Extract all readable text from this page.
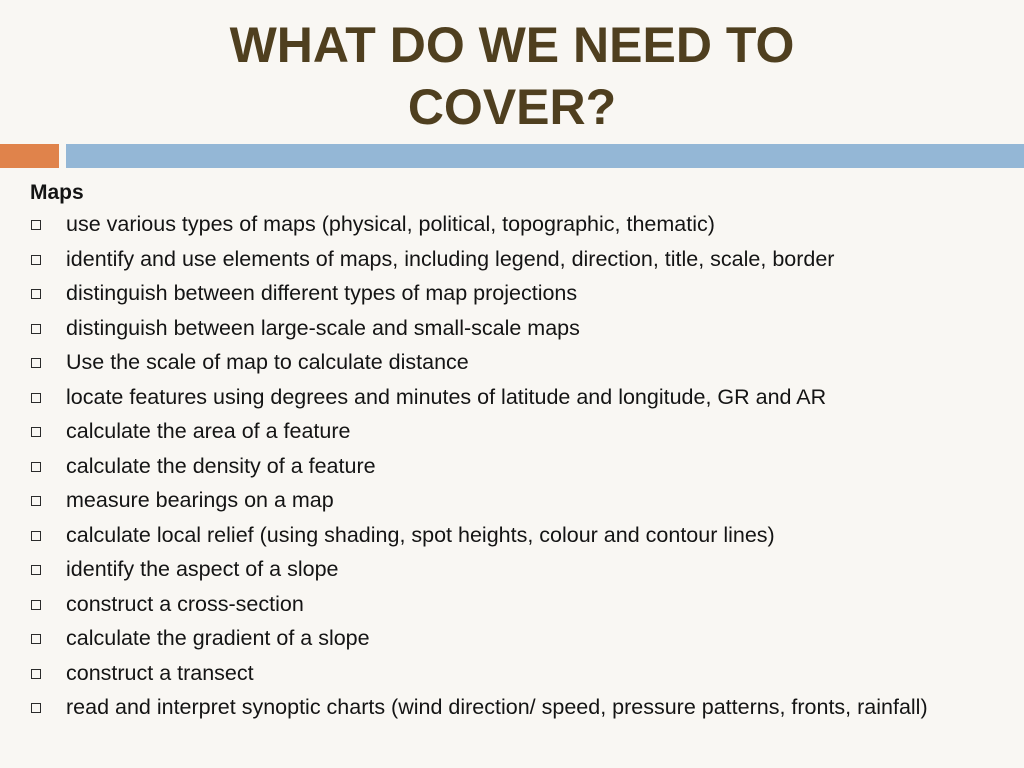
WHAT DO WE NEED TO
COVER?
Maps
use various types of maps (physical, political, topographic, thematic)
identify and use elements of maps, including legend, direction, title, scale, border
distinguish between different types of map projections
distinguish between large-scale and small-scale maps
Use the scale of map to calculate distance
locate features using degrees and minutes of latitude and longitude, GR and AR
calculate the area of a feature
calculate the density of a feature
measure bearings on a map
calculate local relief (using shading, spot heights, colour and contour lines)
identify the aspect of a slope
construct a cross-section
calculate the gradient of a slope
construct a transect
read and interpret synoptic charts (wind direction/ speed, pressure patterns, fronts, rainfall)
